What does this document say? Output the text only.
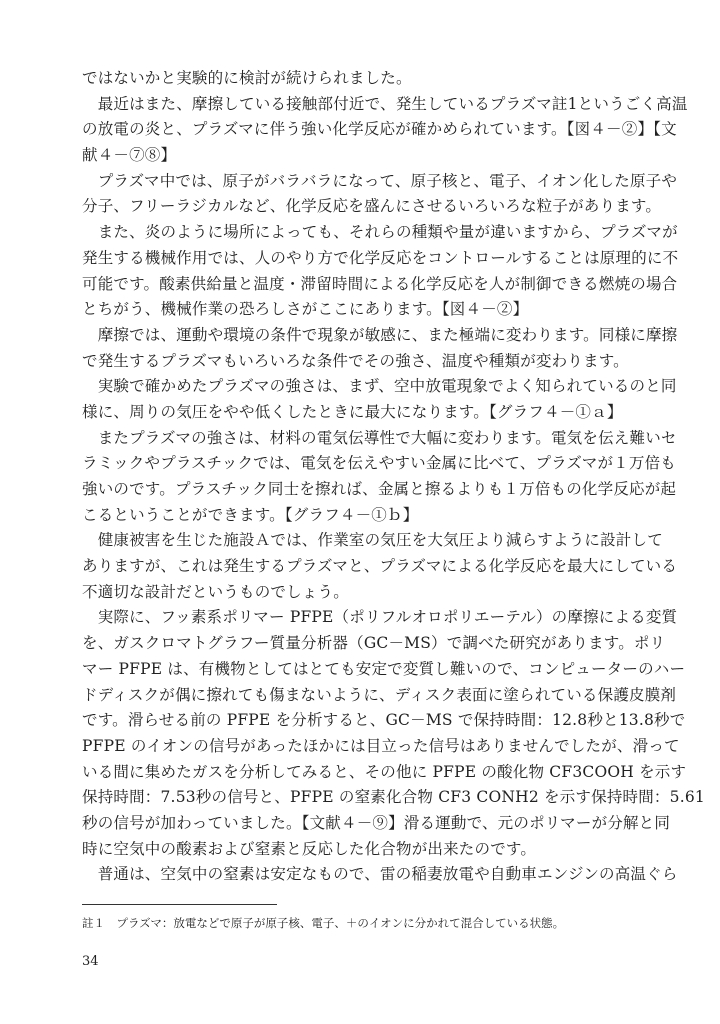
ではないかと実験的に検討が続けられました。
　最近はまた、摩擦している接触部付近で、発生しているプラズマ註1というごく高温
の放電の炎と、プラズマに伴う強い化学反応が確かめられています。【図４－②】【文
献４－⑦⑧】
　プラズマ中では、原子がバラバラになって、原子核と、電子、イオン化した原子や
分子、フリーラジカルなど、化学反応を盛んにさせるいろいろな粒子があります。
　また、炎のように場所によっても、それらの種類や量が違いますから、プラズマが
発生する機械作用では、人のやり方で化学反応をコントロールすることは原理的に不
可能です。酸素供給量と温度・滞留時間による化学反応を人が制御できる燃焼の場合
とちがう、機械作業の恐ろしさがここにあります。【図４－②】
　摩擦では、運動や環境の条件で現象が敏感に、また極端に変わります。同様に摩擦
で発生するプラズマもいろいろな条件でその強さ、温度や種類が変わります。
　実験で確かめたプラズマの強さは、まず、空中放電現象でよく知られているのと同
様に、周りの気圧をやや低くしたときに最大になります。【グラフ４－①ａ】
　またプラズマの強さは、材料の電気伝導性で大幅に変わります。電気を伝え難いセ
ラミックやプラスチックでは、電気を伝えやすい金属に比べて、プラズマが１万倍も
強いのです。プラスチック同士を擦れば、金属と擦るよりも１万倍もの化学反応が起
こるということができます。【グラフ４－①ｂ】
　健康被害を生じた施設Ａでは、作業室の気圧を大気圧より減らすように設計して
ありますが、これは発生するプラズマと、プラズマによる化学反応を最大にしている
不適切な設計だというものでしょう。
　実際に、フッ素系ポリマー PFPE（ポリフルオロポリエーテル）の摩擦による変質
を、ガスクロマトグラフー質量分析器（GC－MS）で調べた研究があります。ポリ
マー PFPE は、有機物としてはとても安定で変質し難いので、コンピューターのハー
ドディスクが偶に擦れても傷まないように、ディスク表面に塗られている保護皮膜剤
です。滑らせる前の PFPE を分析すると、GC－MS で保持時間：12.8秒と13.8秒で
PFPE のイオンの信号があったほかには目立った信号はありませんでしたが、滑って
いる間に集めたガスを分析してみると、その他に PFPE の酸化物 CF3COOH を示す
保持時間：7.53秒の信号と、PFPE の窒素化合物 CF3 CONH2 を示す保持時間：5.61
秒の信号が加わっていました。【文献４－⑨】滑る運動で、元のポリマーが分解と同
時に空気中の酸素および窒素と反応した化合物が出来たのです。
　普通は、空気中の窒素は安定なもので、雷の稲妻放電や自動車エンジンの高温ぐら
註１　プラズマ：放電などで原子が原子核、電子、＋のイオンに分かれて混合している状態。
34
